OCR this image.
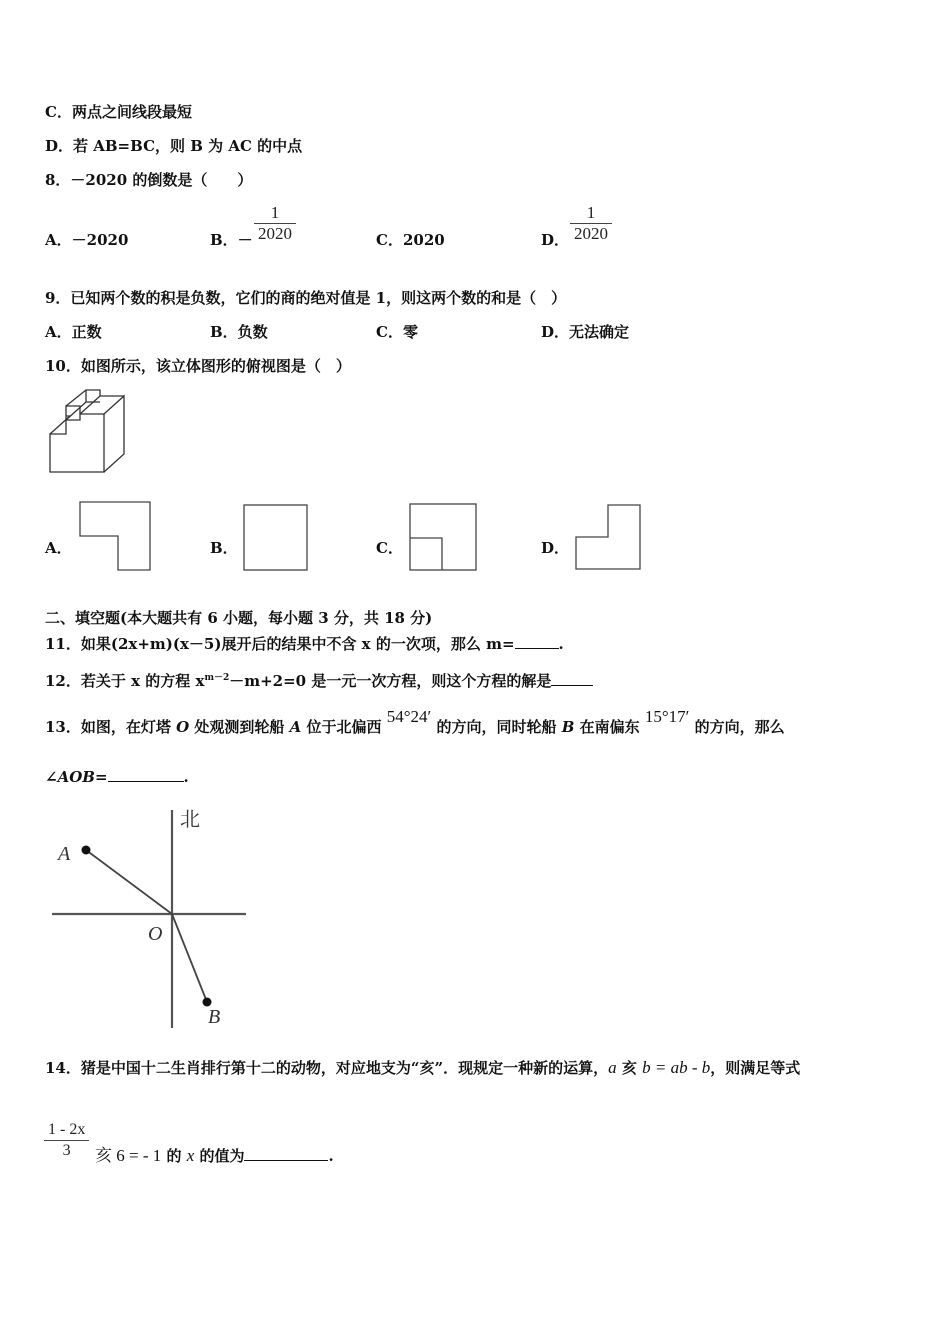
C．两点之间线段最短
D．若 AB=BC，则 B 为 AC 的中点
8．－2020 的倒数是（　　）
A．－2020	B．－ $\frac{1}{2020}$	C．2020	D． $\frac{1}{2020}$
9．已知两个数的积是负数，它们的商的绝对值是 1，则这两个数的和是（　）
A．正数	B．负数	C．零	D．无法确定
10．如图所示，该立体图形的俯视图是（　）
A．	B．	C．	D．
二、填空题(本大题共有 6 小题，每小题 3 分，共 18 分)
11．如果(2x+m)(x－5)展开后的结果中不含 x 的一次项，那么 m=	.
12．若关于 x 的方程 $x^{m-2}-m+2=0$ 是一元一次方程，则这个方程的解是
13．如图，在灯塔 O 处观测到轮船 A 位于北偏西 54°24′ 的方向，同时轮船 B 在南偏东 15°17′ 的方向，那么
∠AOB=	.
北
A
O
B
14．猪是中国十二生肖排行第十二的动物，对应地支为“亥”．现规定一种新的运算，a 亥 b = ab - b，则满足等式
$\frac{1 - 2x}{3}$ 亥 6 = - 1 的 x 的值为	.
